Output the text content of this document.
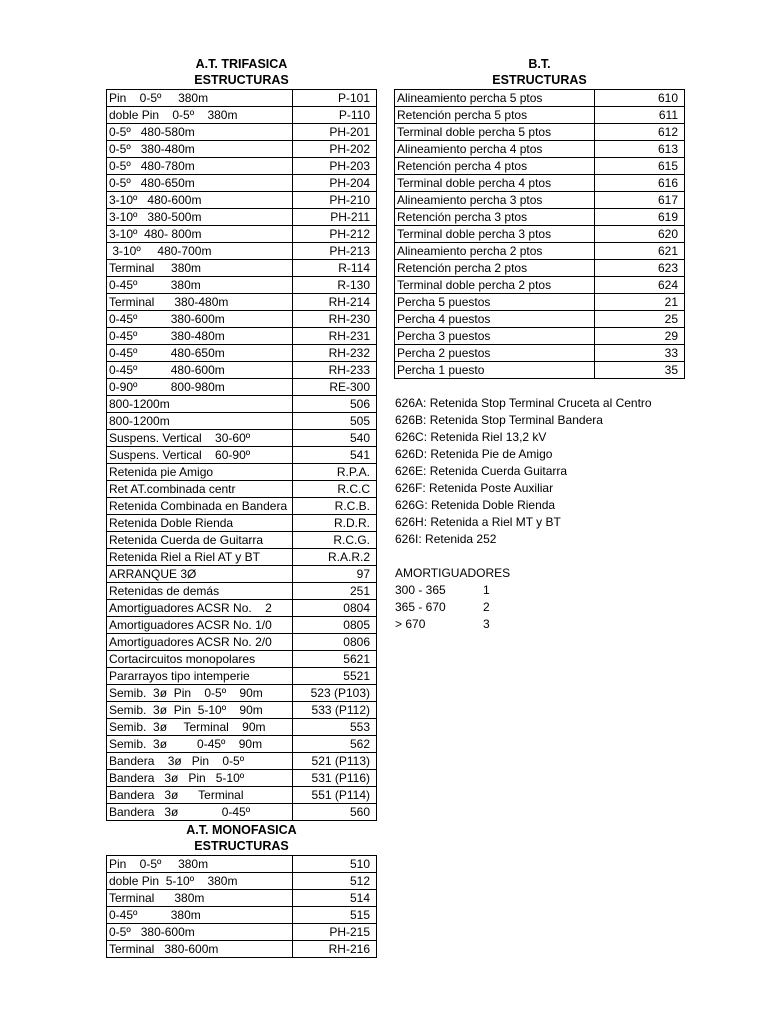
A.T. TRIFASICA
ESTRUCTURAS
B.T.
ESTRUCTURAS
A.T. MONOFASICA
ESTRUCTURAS
Pin    0-5º     380m	P-101
doble Pin    0-5º    380m	P-110
0-5º   480-580m	PH-201
0-5º   380-480m	PH-202
0-5º   480-780m	PH-203
0-5º   480-650m	PH-204
3-10º   480-600m	PH-210
3-10º   380-500m	PH-211
3-10º  480- 800m	PH-212
3-10º     480-700m	PH-213
Terminal     380m	R-114
0-45º          380m	R-130
Terminal      380-480m	RH-214
0-45º          380-600m	RH-230
0-45º          380-480m	RH-231
0-45º          480-650m	RH-232
0-45º          480-600m	RH-233
0-90º          800-980m	RE-300
800-1200m	506
800-1200m	505
Suspens. Vertical    30-60º	540
Suspens. Vertical    60-90º	541
Retenida pie Amigo	R.P.A.
Ret AT.combinada centr	R.C.C
Retenida Combinada en Bandera	R.C.B.
Retenida Doble Rienda	R.D.R.
Retenida Cuerda de Guitarra	R.C.G.
Retenida Riel a Riel AT y BT	R.A.R.2
ARRANQUE 3Ø	97
Retenidas de demás	251
Amortiguadores ACSR No.    2	0804
Amortiguadores ACSR No. 1/0	0805
Amortiguadores ACSR No. 2/0	0806
Cortacircuitos monopolares	5621
Pararrayos tipo intemperie	5521
Semib.  3ø  Pin    0-5º    90m	523 (P103)
Semib.  3ø  Pin  5-10º    90m	533 (P112)
Semib.  3ø     Terminal    90m	553
Semib.  3ø         0-45º    90m	562
Bandera    3ø   Pin    0-5º	521 (P113)
Bandera   3ø   Pin   5-10º	531 (P116)
Bandera   3ø      Terminal	551 (P114)
Bandera   3ø             0-45º	560
Pin    0-5º     380m	510
doble Pin  5-10º    380m	512
Terminal      380m	514
0-45º          380m	515
0-5º   380-600m	PH-215
Terminal   380-600m	RH-216
Alineamiento percha 5 ptos	610
Retención percha 5 ptos	611
Terminal doble percha 5 ptos	612
Alineamiento percha 4 ptos	613
Retención percha 4 ptos	615
Terminal doble percha 4 ptos	616
Alineamiento percha 3 ptos	617
Retención percha 3 ptos	619
Terminal doble percha 3 ptos	620
Alineamiento percha 2 ptos	621
Retención percha 2 ptos	623
Terminal doble percha 2 ptos	624
Percha 5 puestos	21
Percha 4 puestos	25
Percha 3 puestos	29
Percha 2 puestos	33
Percha 1 puesto	35
626A: Retenida Stop Terminal Cruceta al Centro
626B: Retenida Stop Terminal Bandera
626C: Retenida Riel 13,2 kV
626D: Retenida Pie de Amigo
626E: Retenida Cuerda Guitarra
626F: Retenida Poste Auxiliar
626G: Retenida Doble Rienda
626H: Retenida a Riel MT y BT
626I: Retenida 252
AMORTIGUADORES
300 - 365	1
365 - 670	2
> 670	3
